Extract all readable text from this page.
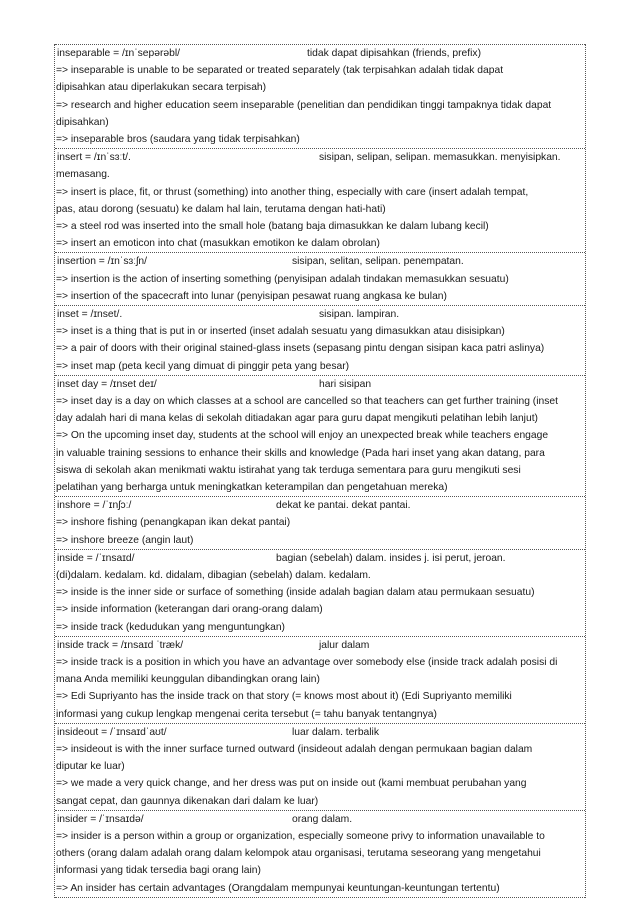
inseparable = /ɪnˈsepərəbl/	tidak dapat dipisahkan (friends, prefix)
=> inseparable is unable to be separated or treated separately (tak terpisahkan adalah tidak dapat
dipisahkan atau diperlakukan secara terpisah)
=> research and higher education seem inseparable (penelitian dan pendidikan tinggi tampaknya tidak dapat
dipisahkan)
=> inseparable bros (saudara yang tidak terpisahkan)
insert = /ɪnˈsɜːt/.	sisipan, selipan, selipan. memasukkan. menyisipkan.
memasang.
=> insert is place, fit, or thrust (something) into another thing, especially with care (insert adalah tempat,
pas, atau dorong (sesuatu) ke dalam hal lain, terutama dengan hati-hati)
=> a steel rod was inserted into the small hole (batang baja dimasukkan ke dalam lubang kecil)
=> insert an emoticon into chat (masukkan emotikon ke dalam obrolan)
insertion = /ɪnˈsɜːʃn/	sisipan, selitan, selipan. penempatan.
=> insertion is the action of inserting something (penyisipan adalah tindakan memasukkan sesuatu)
=> insertion of the spacecraft into lunar (penyisipan pesawat ruang angkasa ke bulan)
inset = /ɪnset/.	sisipan. lampiran.
=> inset is a thing that is put in or inserted (inset adalah sesuatu yang dimasukkan atau disisipkan)
=> a pair of doors with their original stained-glass insets (sepasang pintu dengan sisipan kaca patri aslinya)
=> inset map (peta kecil yang dimuat di pinggir peta yang besar)
inset day = /ɪnset deɪ/	hari sisipan
=> inset day is a day on which classes at a school are cancelled so that teachers can get further training (inset
day adalah hari di mana kelas di sekolah ditiadakan agar para guru dapat mengikuti pelatihan lebih lanjut)
=> On the upcoming inset day, students at the school will enjoy an unexpected break while teachers engage
in valuable training sessions to enhance their skills and knowledge (Pada hari inset yang akan datang, para
siswa di sekolah akan menikmati waktu istirahat yang tak terduga sementara para guru mengikuti sesi
pelatihan yang berharga untuk meningkatkan keterampilan dan pengetahuan mereka)
inshore = /ˈɪnʃɔː/	dekat ke pantai. dekat pantai.
=> inshore fishing (penangkapan ikan dekat pantai)
=> inshore breeze (angin laut)
inside = /ˈɪnsaɪd/	bagian (sebelah) dalam. insides j. isi perut, jeroan.
(di)dalam. kedalam. kd. didalam, dibagian (sebelah) dalam. kedalam.
=> inside is the inner side or surface of something (inside adalah bagian dalam atau permukaan sesuatu)
=> inside information (keterangan dari orang-orang dalam)
=> inside track (kedudukan yang menguntungkan)
inside track = /ɪnsaɪd ˈtræk/	jalur dalam
=> inside track is a position in which you have an advantage over somebody else (inside track adalah posisi di
mana Anda memiliki keunggulan dibandingkan orang lain)
=> Edi Supriyanto has the inside track on that story (= knows most about it) (Edi Supriyanto memiliki
informasi yang cukup lengkap mengenai cerita tersebut (= tahu banyak tentangnya)
insideout = /ˈɪnsaɪdˈaʊt/	luar dalam. terbalik
=> insideout is with the inner surface turned outward (insideout adalah dengan permukaan bagian dalam
diputar ke luar)
=> we made a very quick change, and her dress was put on inside out (kami membuat perubahan yang
sangat cepat, dan gaunnya dikenakan dari dalam ke luar)
insider = /ˈɪnsaɪdə/	orang dalam.
=> insider is a person within a group or organization, especially someone privy to information unavailable to
others (orang dalam adalah orang dalam kelompok atau organisasi, terutama seseorang yang mengetahui
informasi yang tidak tersedia bagi orang lain)
=> An insider has certain advantages (Orangdalam mempunyai keuntungan-keuntungan tertentu)
